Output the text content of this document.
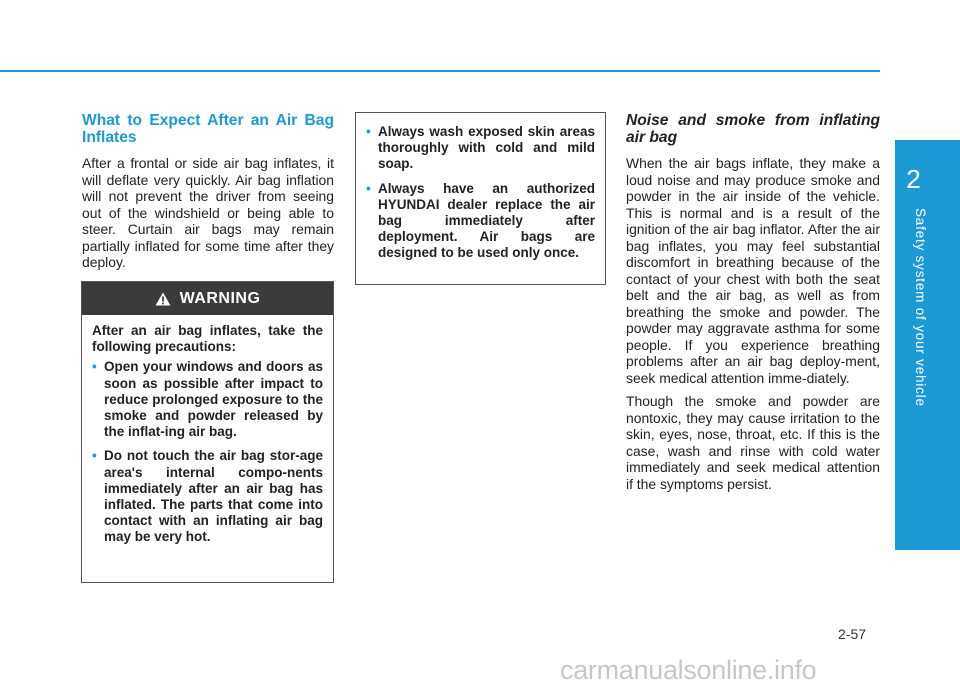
2
Safety system of your vehicle
What to Expect After an Air Bag Inflates

After a frontal or side air bag inflates, it will deflate very quickly. Air bag inflation will not prevent the driver from seeing out of the windshield or being able to steer. Curtain air bags may remain partially inflated for some time after they deploy.

WARNING

After an air bag inflates, take the following precautions:

• Open your windows and doors as soon as possible after impact to reduce prolonged exposure to the smoke and powder released by the inflat-ing air bag.
• Do not touch the air bag stor-age area's internal compo-nents immediately after an air bag has inflated. The parts that come into contact with an inflating air bag may be very hot.
• Always wash exposed skin areas thoroughly with cold and mild soap.
• Always have an authorized HYUNDAI dealer replace the air bag immediately after deployment. Air bags are designed to be used only once.
Noise and smoke from inflating air bag

When the air bags inflate, they make a loud noise and may produce smoke and powder in the air inside of the vehicle. This is normal and is a result of the ignition of the air bag inflator. After the air bag inflates, you may feel substantial discomfort in breathing because of the contact of your chest with both the seat belt and the air bag, as well as from breathing the smoke and powder. The powder may aggravate asthma for some people. If you experience breathing problems after an air bag deploy-ment, seek medical attention imme-diately.

Though the smoke and powder are nontoxic, they may cause irritation to the skin, eyes, nose, throat, etc. If this is the case, wash and rinse with cold water immediately and seek medical attention if the symptoms persist.

2-57
carmanualsonline.info
